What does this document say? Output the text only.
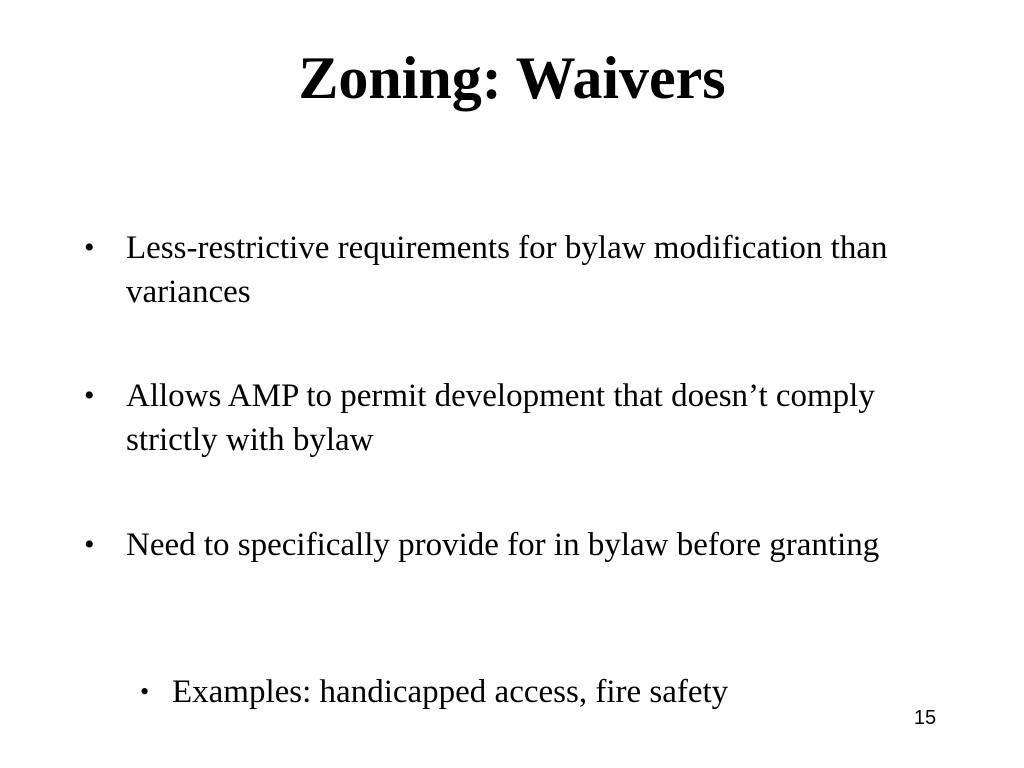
Zoning: Waivers
• Less-restrictive requirements for bylaw modification than variances
• Allows AMP to permit development that doesn’t comply strictly with bylaw
• Need to specifically provide for in bylaw before granting
• Examples: handicapped access, fire safety
15
